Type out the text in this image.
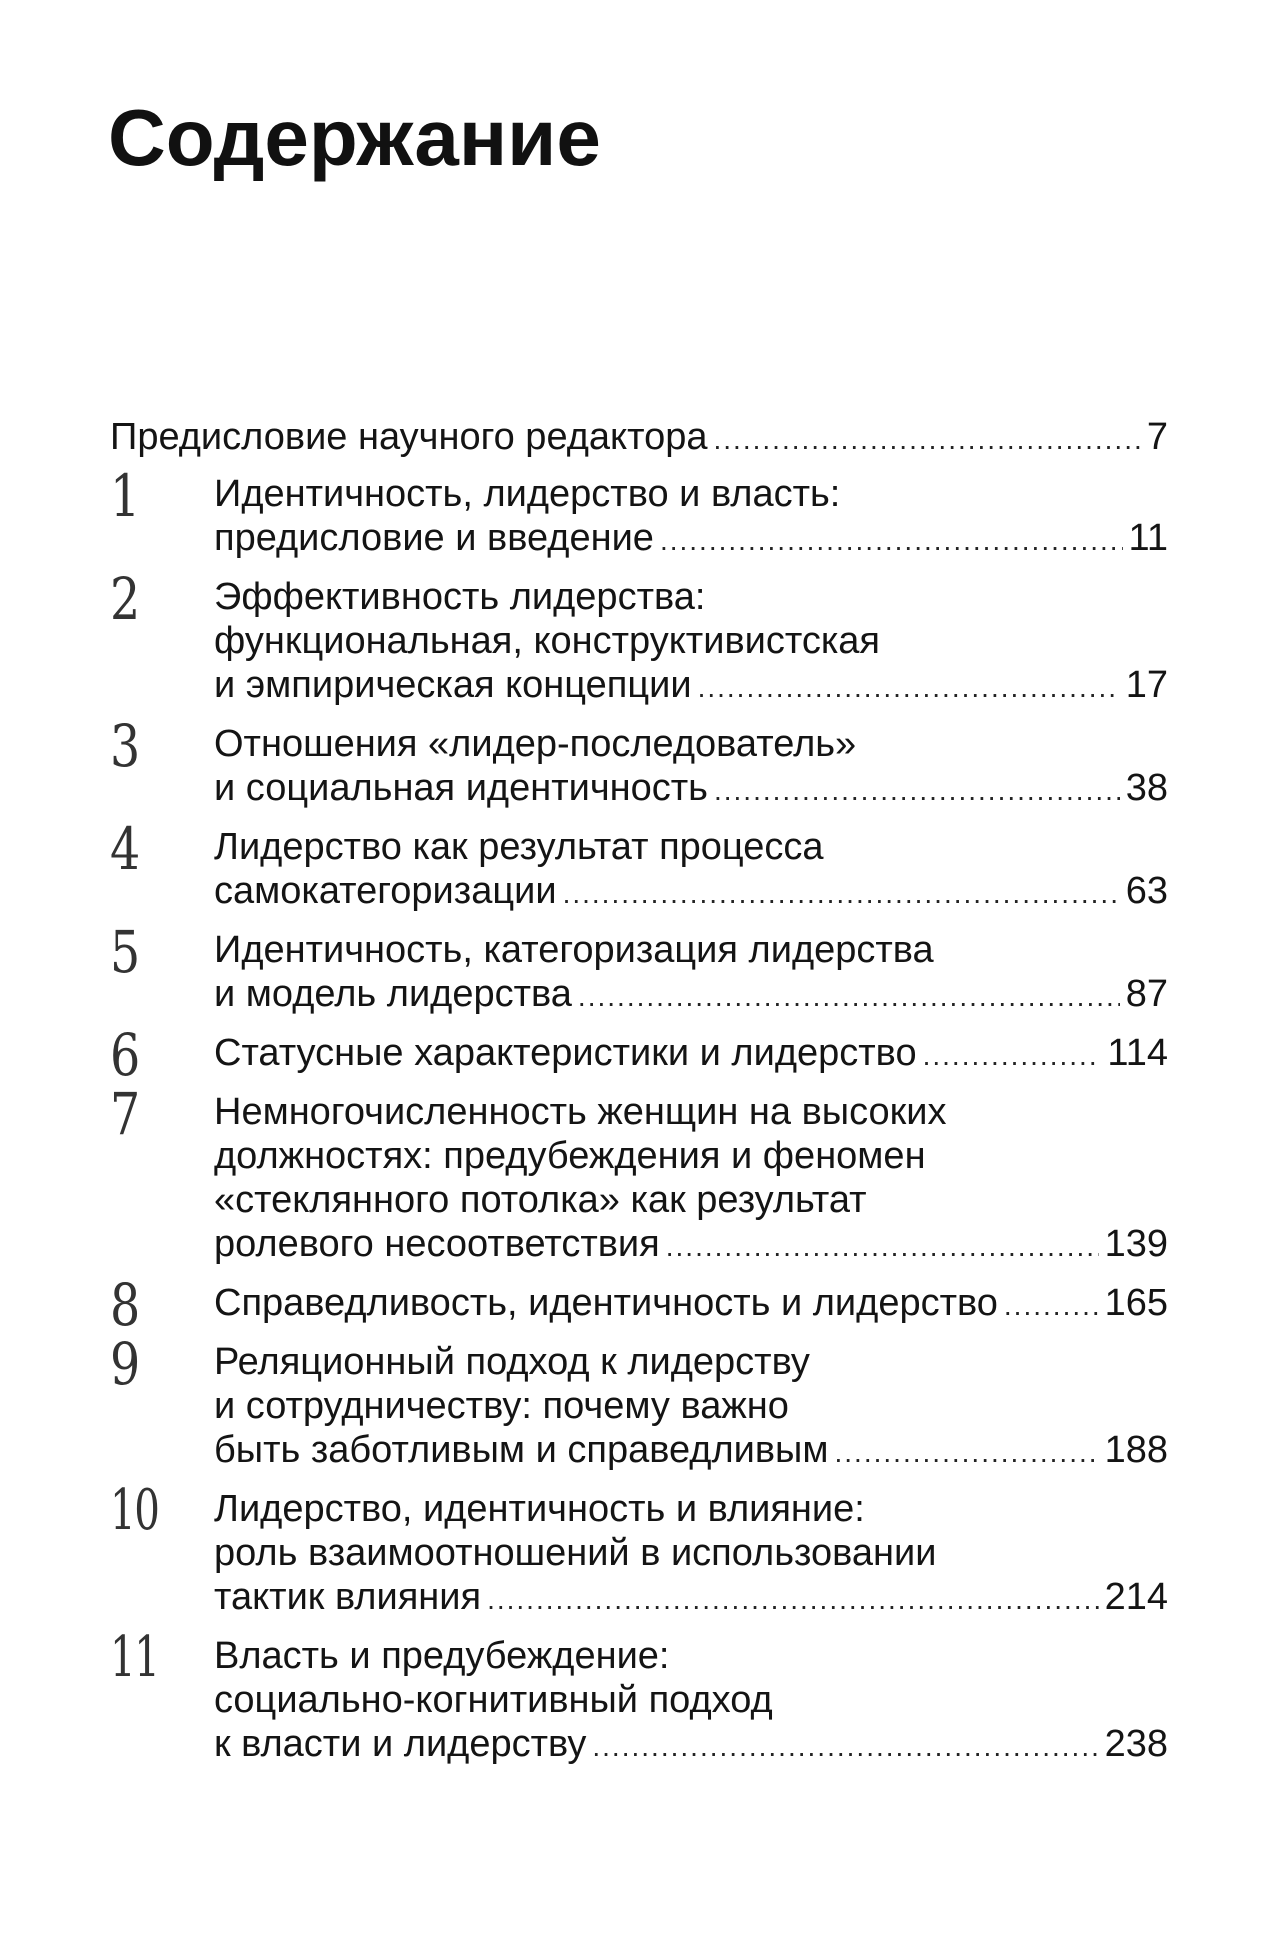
Содержание
Предисловие научного редактора .....	7
1 Идентичность, лидерство и власть:
предисловие и введение .....	11
2 Эффективность лидерства:
функциональная, конструктивистская
и эмпирическая концепции .....	17
3 Отношения «лидер-последователь»
и социальная идентичность .....	38
4 Лидерство как результат процесса
самокатегоризации .....	63
5 Идентичность, категоризация лидерства
и модель лидерства .....	87
6 Статусные характеристики и лидерство .....	114
7 Немногочисленность женщин на высоких
должностях: предубеждения и феномен
«стеклянного потолка» как результат
ролевого несоответствия .....	139
8 Справедливость, идентичность и лидерство .....	165
9 Реляционный подход к лидерству
и сотрудничеству: почему важно
быть заботливым и справедливым .....	188
10 Лидерство, идентичность и влияние:
роль взаимоотношений в использовании
тактик влияния .....	214
11 Власть и предубеждение:
социально-когнитивный подход
к власти и лидерству .....	238
